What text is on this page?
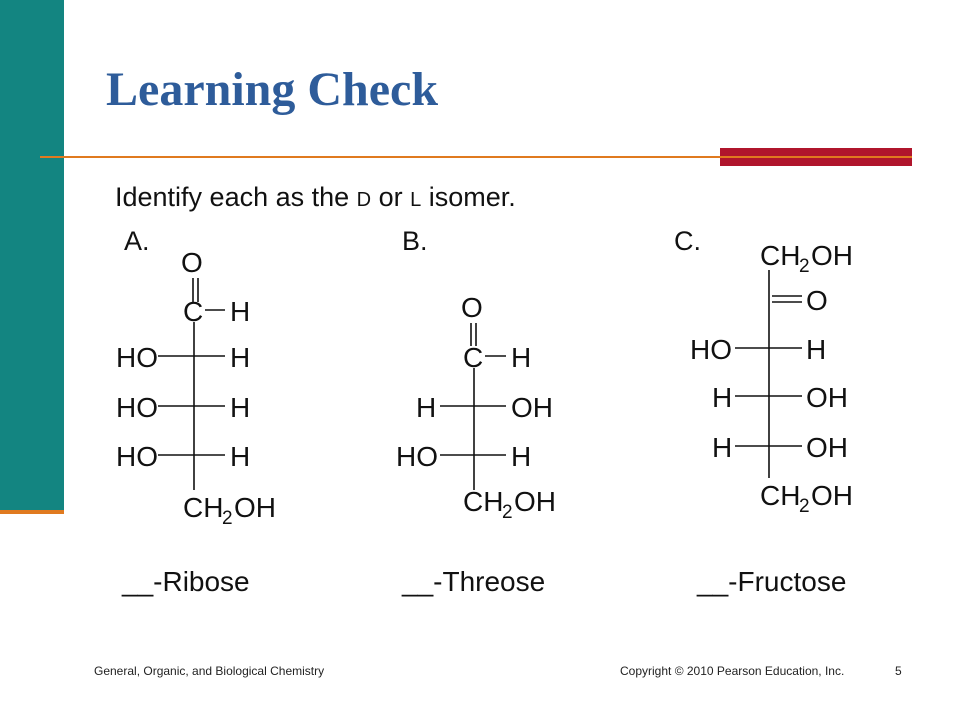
Learning Check
Identify each as the D or L isomer.
A.	B.	C.
O
C H
HO	H
HO	H
HO	H
CH
2 OH
O
C H
H	OH
HO	H
CH
2 OH
CH
2 OH
O
HO	H
H	OH
H	OH
CH
2 OH
__-Ribose	__-Threose	__-Fructose
General, Organic, and Biological Chemistry	Copyright © 2010 Pearson Education, Inc.	5
